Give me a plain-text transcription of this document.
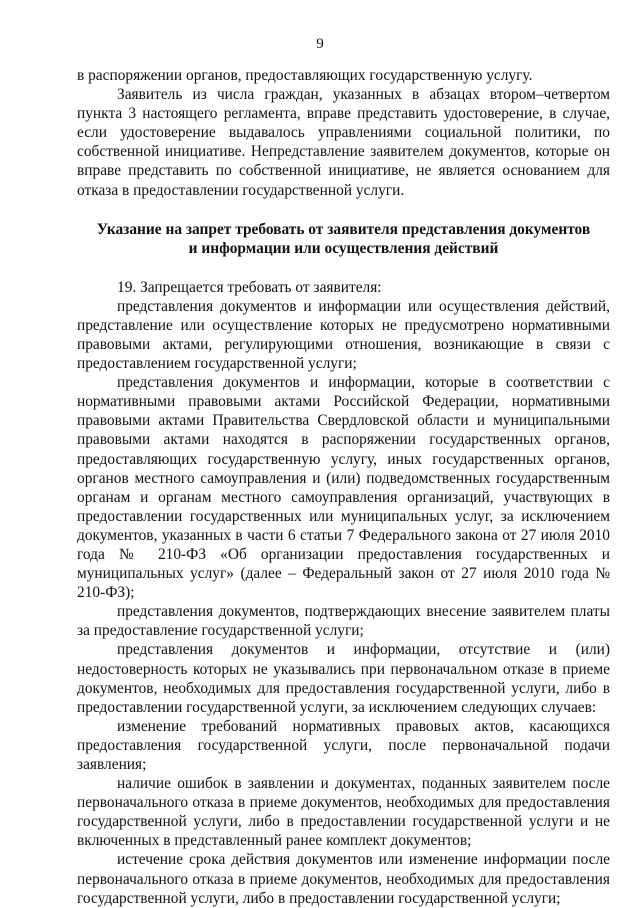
9

в распоряжении органов, предоставляющих государственную услугу.

Заявитель из числа граждан, указанных в абзацах втором–четвертом пункта 3 настоящего регламента, вправе представить удостоверение, в случае, если удостоверение выдавалось управлениями социальной политики, по собственной инициативе. Непредставление заявителем документов, которые он вправе представить по собственной инициативе, не является основанием для отказа в предоставлении государственной услуги.

Указание на запрет требовать от заявителя представления документов
и информации или осуществления действий

19. Запрещается требовать от заявителя:

представления документов и информации или осуществления действий, представление или осуществление которых не предусмотрено нормативными правовыми актами, регулирующими отношения, возникающие в связи с предоставлением государственной услуги;

представления документов и информации, которые в соответствии с нормативными правовыми актами Российской Федерации, нормативными правовыми актами Правительства Свердловской области и муниципальными правовыми актами находятся в распоряжении государственных органов, предоставляющих государственную услугу, иных государственных органов, органов местного самоуправления и (или) подведомственных государственным органам и органам местного самоуправления организаций, участвующих в предоставлении государственных или муниципальных услуг, за исключением документов, указанных в части 6 статьи 7 Федерального закона от 27 июля 2010 года № 210-ФЗ «Об организации предоставления государственных и муниципальных услуг» (далее – Федеральный закон от 27 июля 2010 года № 210-ФЗ);

представления документов, подтверждающих внесение заявителем платы за предоставление государственной услуги;

представления документов и информации, отсутствие и (или) недостоверность которых не указывались при первоначальном отказе в приеме документов, необходимых для предоставления государственной услуги, либо в предоставлении государственной услуги, за исключением следующих случаев:

изменение требований нормативных правовых актов, касающихся предоставления государственной услуги, после первоначальной подачи заявления;

наличие ошибок в заявлении и документах, поданных заявителем после первоначального отказа в приеме документов, необходимых для предоставления государственной услуги, либо в предоставлении государственной услуги и не включенных в представленный ранее комплект документов;

истечение срока действия документов или изменение информации после первоначального отказа в приеме документов, необходимых для предоставления государственной услуги, либо в предоставлении государственной услуги;
